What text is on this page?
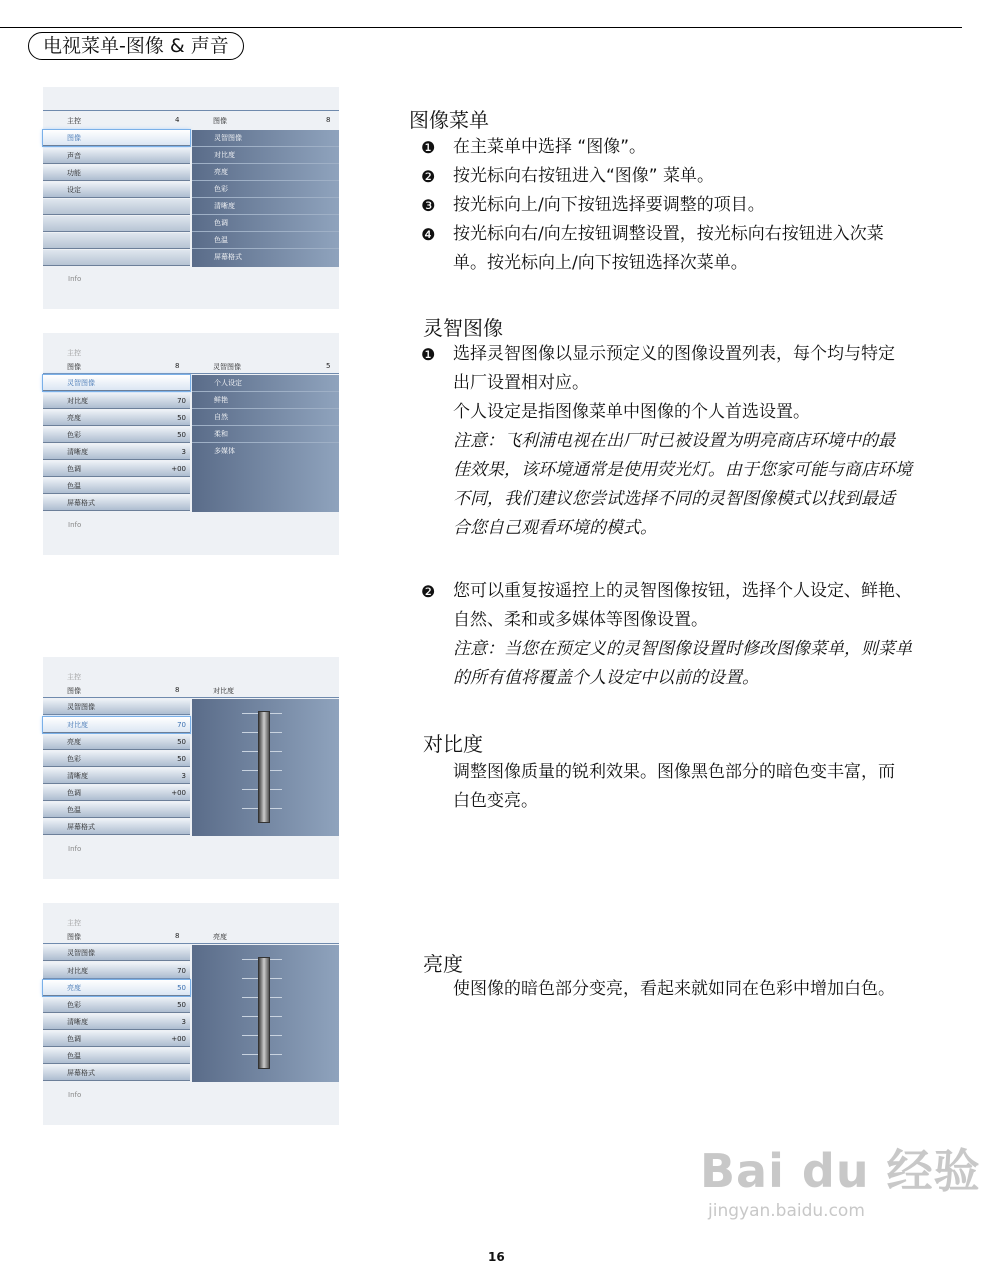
电视菜单-图像 & 声音
主控	4	图像	8
图像
声音
功能
设定
灵智图像
对比度
亮度
色彩
清晰度
色调
色温
屏幕格式
Info
主控
图像	8	灵智图像	5
灵智图像
对比度	70
亮度	50
色彩	50
清晰度	3
色调	+00
色温
屏幕格式
个人设定
鲜艳
自然
柔和
多媒体
Info
主控
图像	8	对比度
灵智图像
对比度	70
亮度	50
色彩	50
清晰度	3
色调	+00
色温
屏幕格式
Info
主控
图像	8	亮度
灵智图像
对比度	70
亮度	50
色彩	50
清晰度	3
色调	+00
色温
屏幕格式
Info
图像菜单
❶ 在主菜单中选择 “图像”。
❷ 按光标向右按钮进入“图像” 菜单。
❸ 按光标向上/向下按钮选择要调整的项目。
❹ 按光标向右/向左按钮调整设置，按光标向右按钮进入次菜
单。按光标向上/向下按钮选择次菜单。
灵智图像
❶ 选择灵智图像以显示预定义的图像设置列表，每个均与特定
出厂设置相对应。
个人设定是指图像菜单中图像的个人首选设置。
注意：飞利浦电视在出厂时已被设置为明亮商店环境中的最
佳效果，该环境通常是使用荧光灯。由于您家可能与商店环境
不同，我们建议您尝试选择不同的灵智图像模式以找到最适
合您自己观看环境的模式。
❷ 您可以重复按遥控上的灵智图像按钮，选择个人设定、鲜艳、
自然、柔和或多媒体等图像设置。
注意：当您在预定义的灵智图像设置时修改图像菜单，则菜单
的所有值将覆盖个人设定中以前的设置。
对比度
调整图像质量的锐利效果。图像黑色部分的暗色变丰富，而
白色变亮。
亮度
使图像的暗色部分变亮，看起来就如同在色彩中增加白色。
Bai du 经验
jingyan.baidu.com
16
